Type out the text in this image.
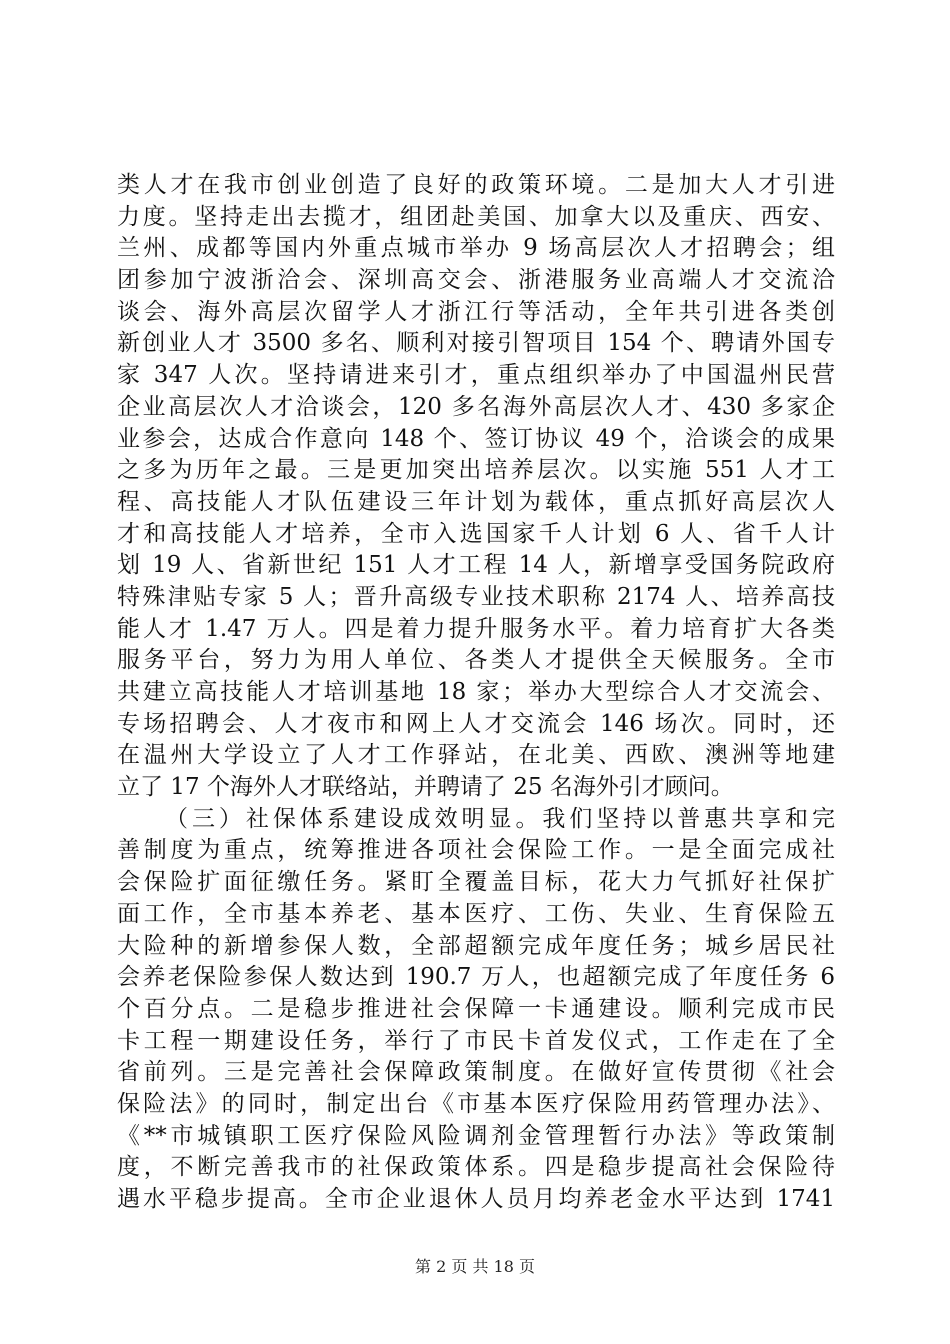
类人才在我市创业创造了良好的政策环境。二是加大人才引进
力度。坚持走出去揽才，组团赴美国、加拿大以及重庆、西安、
兰州、成都等国内外重点城市举办 9 场高层次人才招聘会；组
团参加宁波浙洽会、深圳高交会、浙港服务业高端人才交流洽
谈会、海外高层次留学人才浙江行等活动，全年共引进各类创
新创业人才 3500 多名、顺利对接引智项目 154 个、聘请外国专
家 347 人次。坚持请进来引才，重点组织举办了中国温州民营
企业高层次人才洽谈会，120 多名海外高层次人才、430 多家企
业参会，达成合作意向 148 个、签订协议 49 个，洽谈会的成果
之多为历年之最。三是更加突出培养层次。以实施 551 人才工
程、高技能人才队伍建设三年计划为载体，重点抓好高层次人
才和高技能人才培养，全市入选国家千人计划 6 人、省千人计
划 19 人、省新世纪 151 人才工程 14 人，新增享受国务院政府
特殊津贴专家 5 人；晋升高级专业技术职称 2174 人、培养高技
能人才 1.47 万人。四是着力提升服务水平。着力培育扩大各类
服务平台，努力为用人单位、各类人才提供全天候服务。全市
共建立高技能人才培训基地 18 家；举办大型综合人才交流会、
专场招聘会、人才夜市和网上人才交流会 146 场次。同时，还
在温州大学设立了人才工作驿站，在北美、西欧、澳洲等地建
立了 17 个海外人才联络站，并聘请了 25 名海外引才顾问。
（三）社保体系建设成效明显。我们坚持以普惠共享和完
善制度为重点，统筹推进各项社会保险工作。一是全面完成社
会保险扩面征缴任务。紧盯全覆盖目标，花大力气抓好社保扩
面工作，全市基本养老、基本医疗、工伤、失业、生育保险五
大险种的新增参保人数，全部超额完成年度任务；城乡居民社
会养老保险参保人数达到 190.7 万人，也超额完成了年度任务 6
个百分点。二是稳步推进社会保障一卡通建设。顺利完成市民
卡工程一期建设任务，举行了市民卡首发仪式，工作走在了全
省前列。三是完善社会保障政策制度。在做好宣传贯彻《社会
保险法》的同时，制定出台《市基本医疗保险用药管理办法》、
《**市城镇职工医疗保险风险调剂金管理暂行办法》等政策制
度，不断完善我市的社保政策体系。四是稳步提高社会保险待
遇水平稳步提高。全市企业退休人员月均养老金水平达到 1741
第 2 页 共 18 页
